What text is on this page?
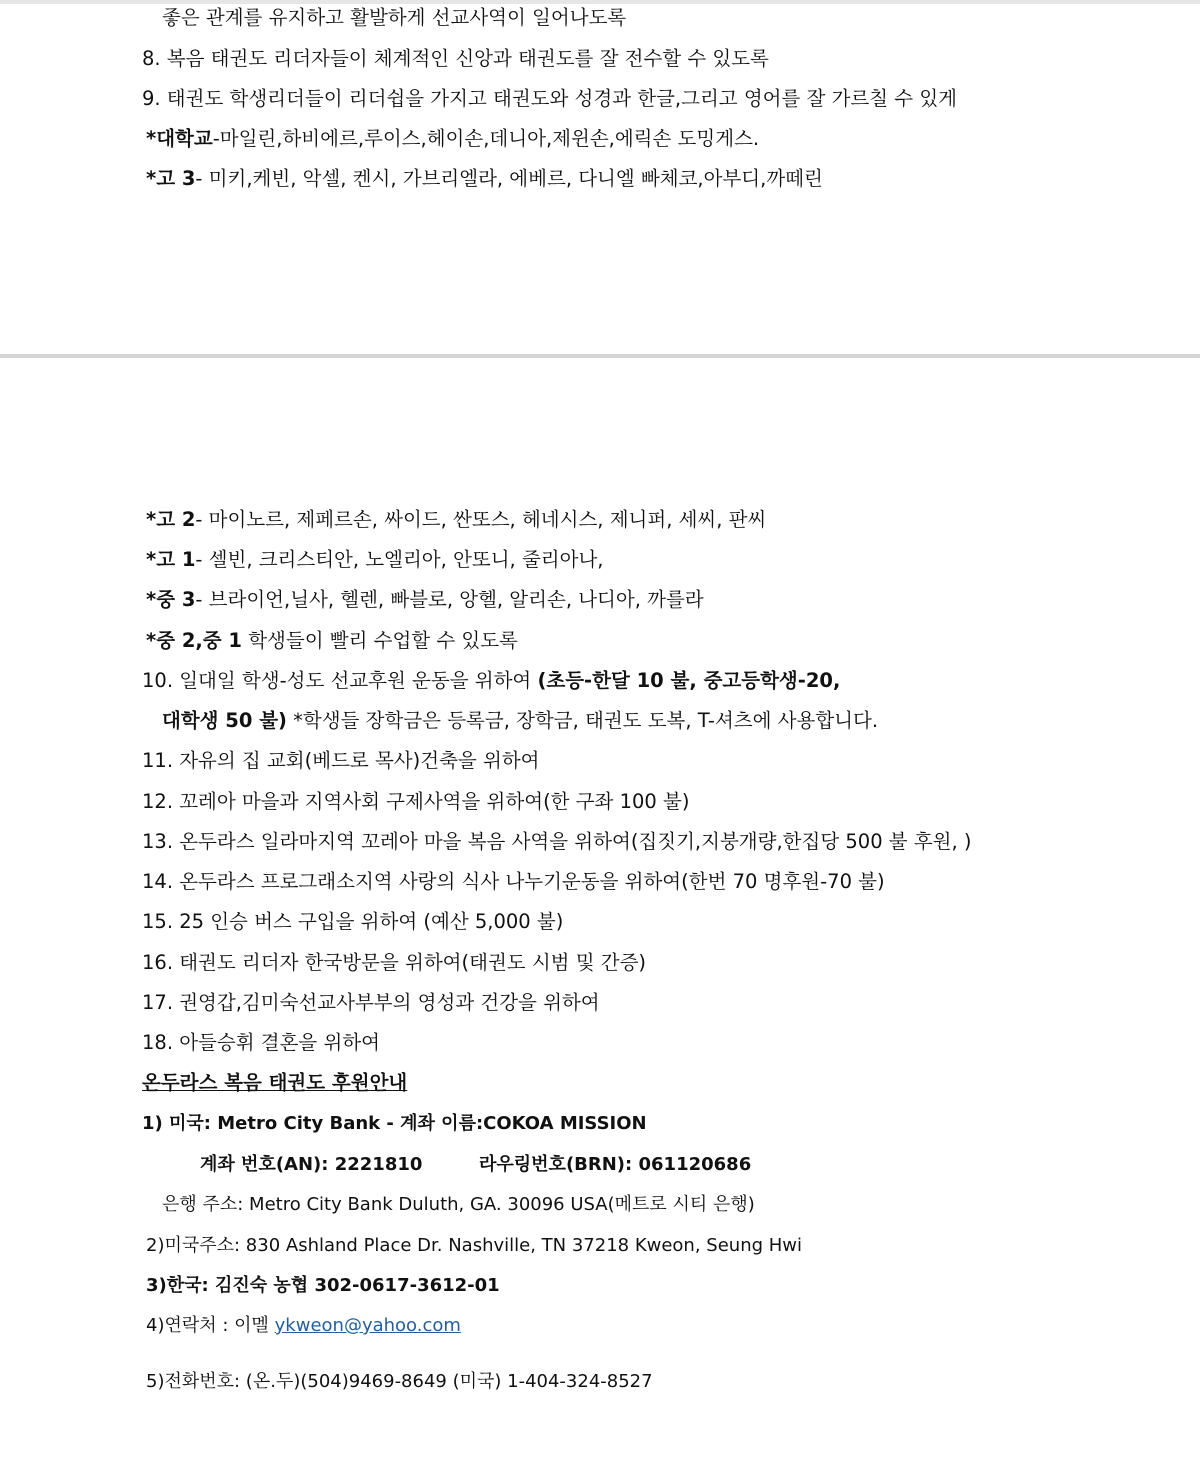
좋은 관계를 유지하고 활발하게 선교사역이 일어나도록
8. 복음 태권도 리더자들이 체계적인 신앙과 태권도를 잘 전수할 수 있도록
9. 태권도 학생리더들이 리더쉽을 가지고 태권도와 성경과 한글,그리고 영어를 잘 가르칠 수 있게
*대학교-마일린,하비에르,루이스,헤이손,데니아,제윈손,에릭손 도밍게스.
*고 3- 미키,케빈, 악셀, 켄시, 가브리엘라, 에베르, 다니엘 빠체코,아부디,까떼린
*고 2- 마이노르, 제페르손, 싸이드, 싼또스, 헤네시스, 제니퍼, 세씨, 판씨
*고 1- 셀빈, 크리스티안, 노엘리아, 안또니, 줄리아나,
*중 3- 브라이언,닐사, 헬렌, 빠블로, 앙헬, 알리손, 나디아, 까를라
*중 2,중 1 학생들이 빨리 수업할 수 있도록
10. 일대일 학생-성도 선교후원 운동을 위하여 (초등-한달 10 불, 중고등학생-20,
대학생 50 불) *학생들 장학금은 등록금, 장학금, 태권도 도복, T-셔츠에 사용합니다.
11. 자유의 집 교회(베드로 목사)건축을 위하여
12. 꼬레아 마을과 지역사회 구제사역을 위하여(한 구좌 100 불)
13. 온두라스 일라마지역 꼬레아 마을 복음 사역을 위하여(집짓기,지붕개량,한집당 500 불 후원, )
14. 온두라스 프로그래소지역 사랑의 식사 나누기운동을 위하여(한번 70 명후원-70 불)
15. 25 인승 버스 구입을 위하여 (예산 5,000 불)
16. 태권도 리더자 한국방문을 위하여(태권도 시범 및 간증)
17. 권영갑,김미숙선교사부부의 영성과 건강을 위하여
18. 아들승휘 결혼을 위하여
온두라스 복음 태권도 후원안내
1) 미국: Metro City Bank - 계좌 이름:COKOA MISSION
계좌 번호(AN): 2221810	라우링번호(BRN): 061120686
은행 주소: Metro City Bank Duluth, GA. 30096 USA(메트로 시티 은행)
2)미국주소: 830 Ashland Place Dr. Nashville, TN 37218 Kweon, Seung Hwi
3)한국: 김진숙 농협 302-0617-3612-01
4)연락처 : 이멜 ykweon@yahoo.com
5)전화번호: (온.두)(504)9469-8649 (미국) 1-404-324-8527
